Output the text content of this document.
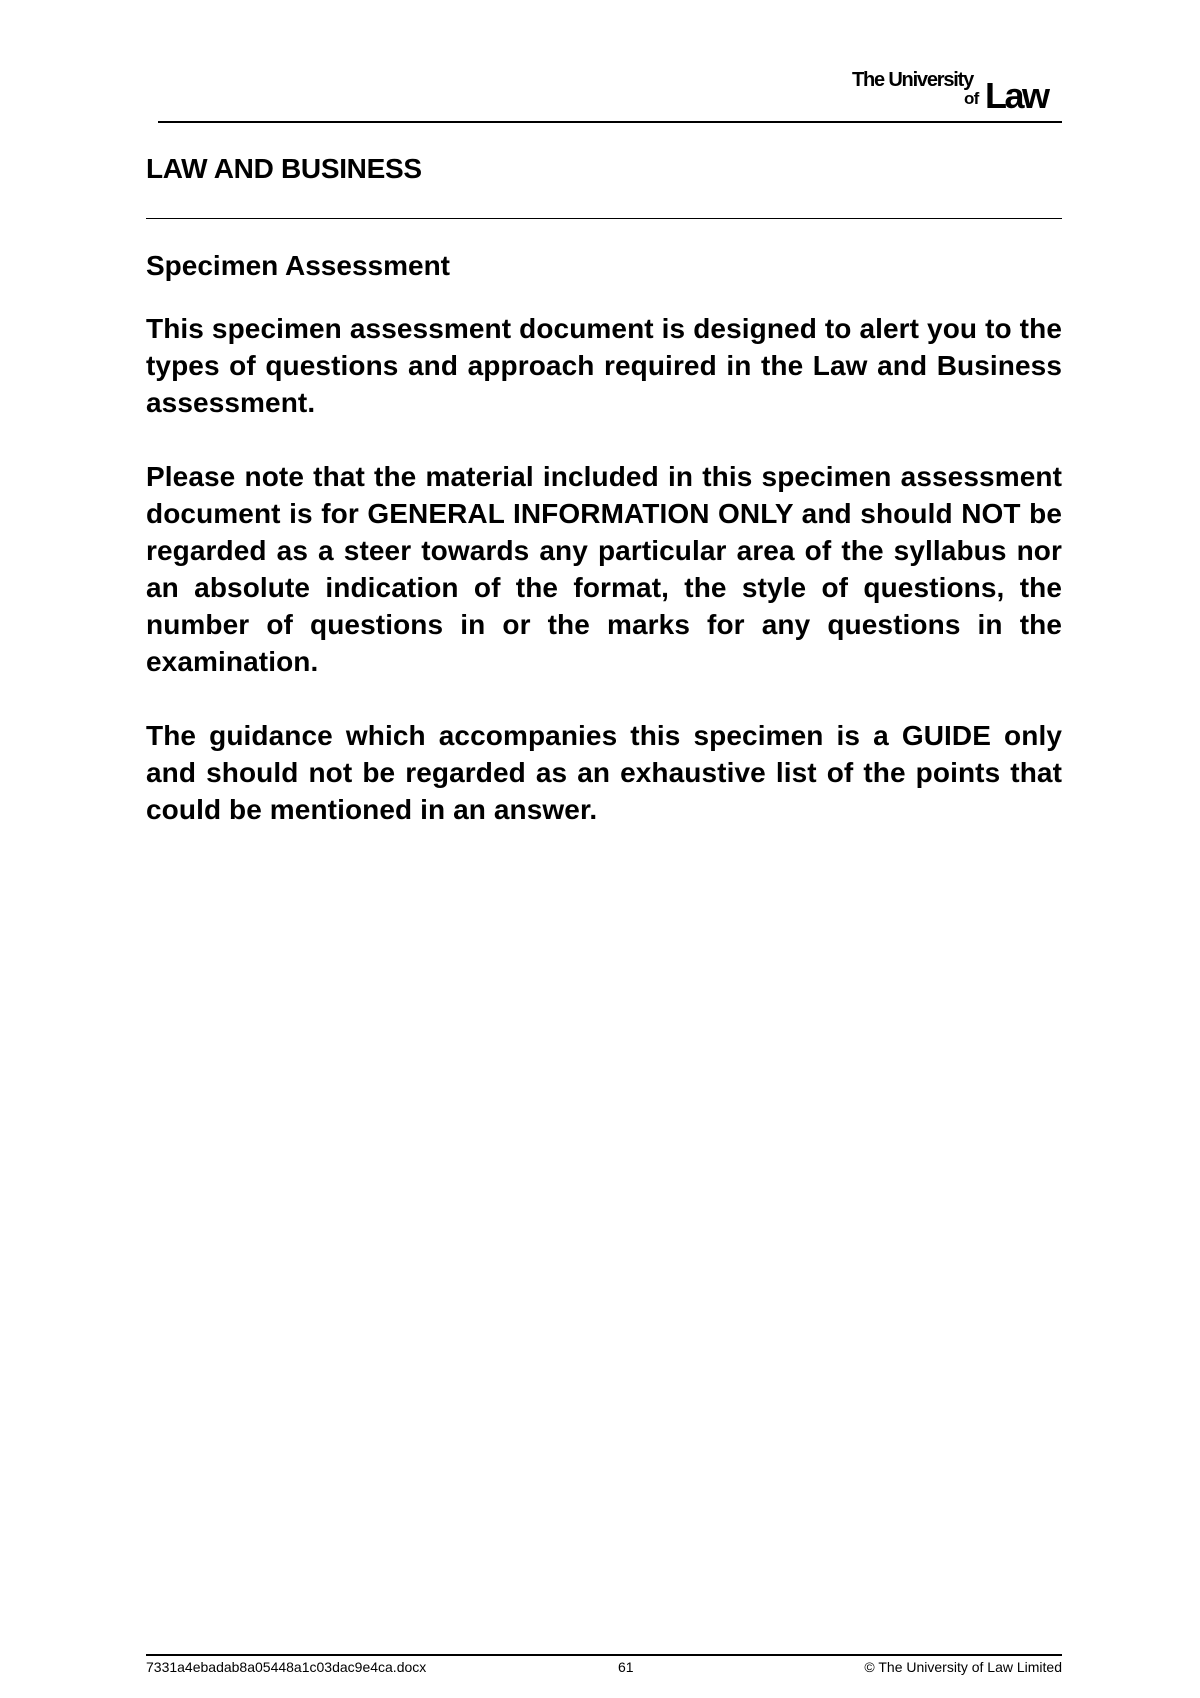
The University
of Law
LAW AND BUSINESS

Specimen Assessment

This specimen assessment document is designed to alert you to the types of questions and approach required in the Law and Business assessment.

Please note that the material included in this specimen assessment document is for GENERAL INFORMATION ONLY and should NOT be regarded as a steer towards any particular area of the syllabus nor an absolute indication of the format, the style of questions, the number of questions in or the marks for any questions in the examination.

The guidance which accompanies this specimen is a GUIDE only and should not be regarded as an exhaustive list of the points that could be mentioned in an answer.

7331a4ebadab8a05448a1c03dac9e4ca.docx	61	© The University of Law Limited
